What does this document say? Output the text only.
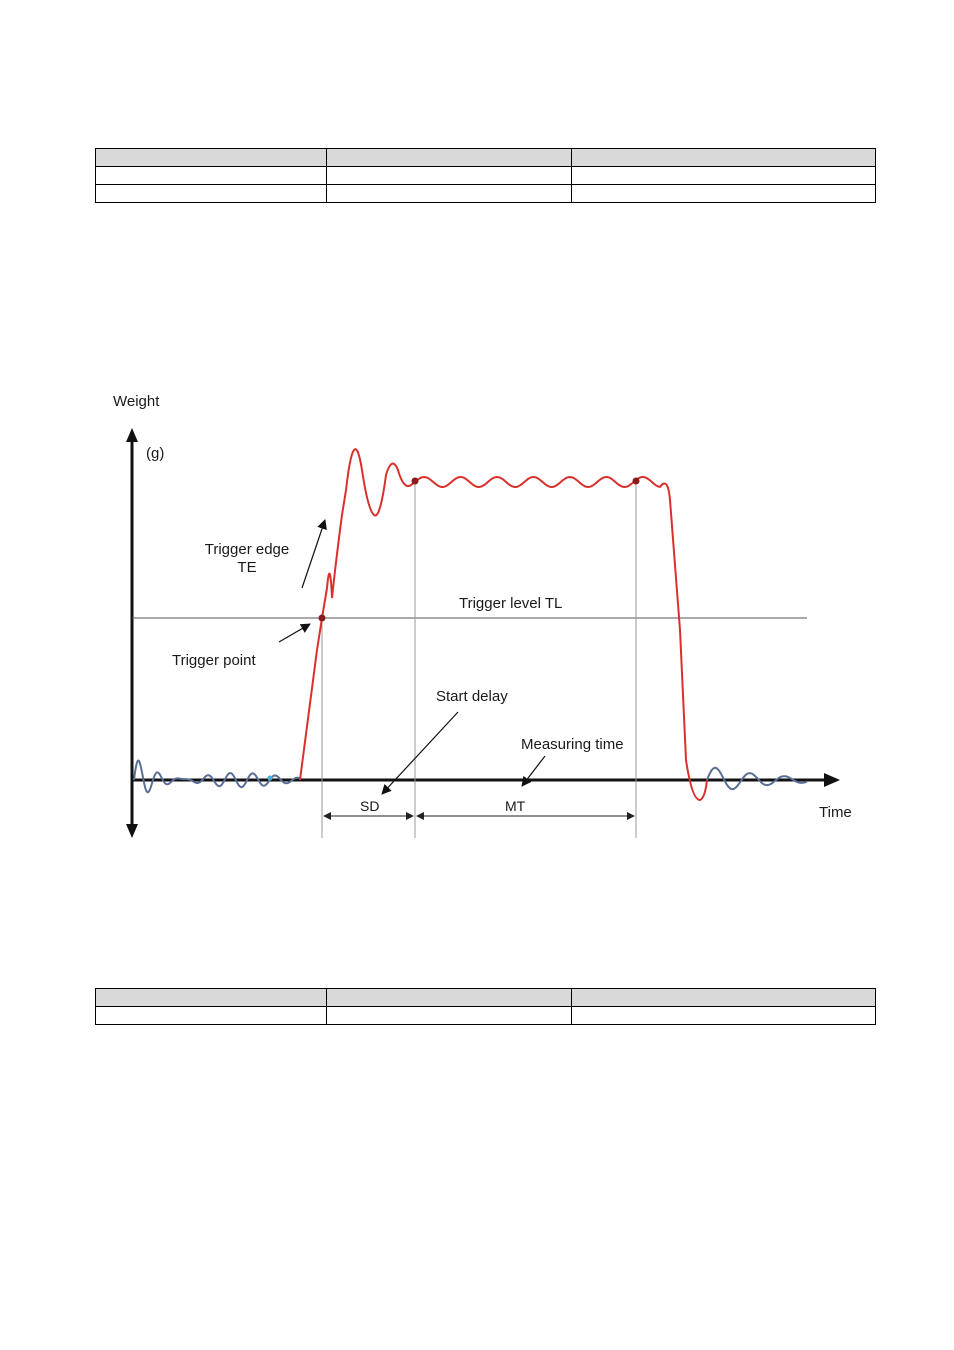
Weight
(g)
Time
Trigger edge
TE
Trigger level TL
Trigger point
Start delay
Measuring time
SD	MT
